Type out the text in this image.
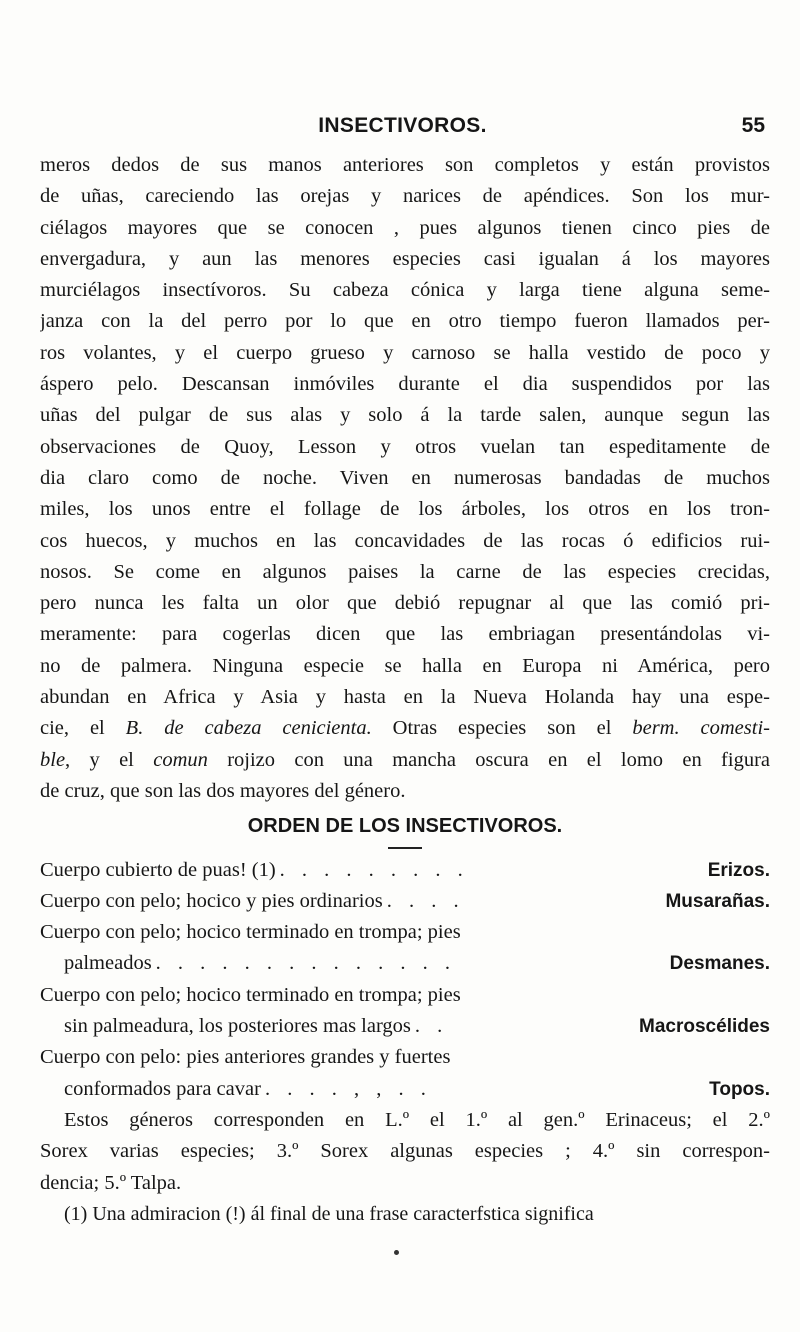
INSECTIVOROS.	55
meros dedos de sus manos anteriores son completos y están provistos
de uñas, careciendo las orejas y narices de apéndices. Son los mur-
ciélagos mayores que se conocen , pues algunos tienen cinco pies de
envergadura, y aun las menores especies casi igualan á los mayores
murciélagos insectívoros. Su cabeza cónica y larga tiene alguna seme-
janza con la del perro por lo que en otro tiempo fueron llamados per-
ros volantes, y el cuerpo grueso y carnoso se halla vestido de poco y
áspero pelo. Descansan inmóviles durante el dia suspendidos por las
uñas del pulgar de sus alas y solo á la tarde salen, aunque segun las
observaciones de Quoy, Lesson y otros vuelan tan espeditamente de
dia claro como de noche. Viven en numerosas bandadas de muchos
miles, los unos entre el follage de los árboles, los otros en los tron-
cos huecos, y muchos en las concavidades de las rocas ó edificios rui-
nosos. Se come en algunos paises la carne de las especies crecidas,
pero nunca les falta un olor que debió repugnar al que las comió pri-
meramente: para cogerlas dicen que las embriagan presentándolas vi-
no de palmera. Ninguna especie se halla en Europa ni América, pero
abundan en Africa y Asia y hasta en la Nueva Holanda hay una espe-
cie, el B. de cabeza cenicienta. Otras especies son el berm. comesti-
ble, y el comun rojizo con una mancha oscura en el lomo en figura
de cruz, que son las dos mayores del género.
ORDEN DE LOS INSECTIVOROS.
Cuerpo cubierto de puas! (1) . . . . . . . . .	Erizos.
Cuerpo con pelo; hocico y pies ordinarios . . . .	Musarañas.
Cuerpo con pelo; hocico terminado en trompa; pies
palmeados . . . . . . . . . . . . . .	Desmanes.
Cuerpo con pelo; hocico terminado en trompa; pies
sin palmeadura, los posteriores mas largos . .	Macroscélides
Cuerpo con pelo: pies anteriores grandes y fuertes
conformados para cavar . . . . , , . .	Topos.
Estos géneros corresponden en L.º el 1.º al gen.º Erinaceus; el 2.º
Sorex varias especies; 3.º Sorex algunas especies ; 4.º sin correspon-
dencia; 5.º Talpa.
(1) Una admiracion (!) ál final de una frase caracterfstica significa
